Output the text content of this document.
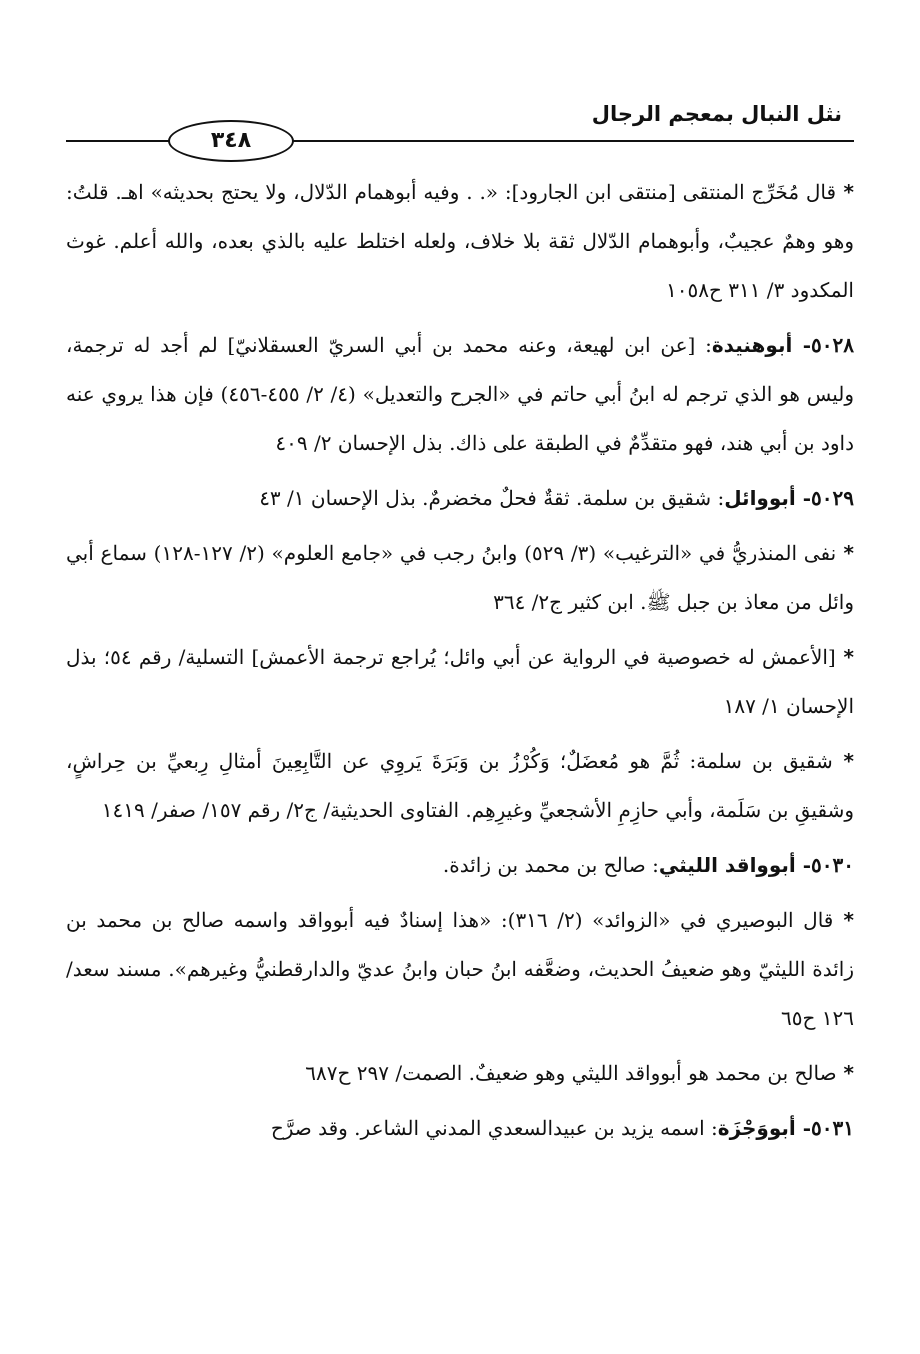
نثل النبال بمعجم الرجال
٣٤٨

* قال مُخَرِّج المنتقى [منتقى ابن الجارود]: «. . وفيه أبوهمام الدّلال، ولا يحتج بحديثه» اهـ. قلتُ: وهو وهمٌ عجيبٌ، وأبوهمام الدّلال ثقة بلا خلاف، ولعله اختلط عليه بالذي بعده، والله أعلم. غوث المكدود ٣/ ٣١١ ح١٠٥٨

٥٠٢٨- أبوهنيدة: [عن ابن لهيعة، وعنه محمد بن أبي السريّ العسقلانيّ] لم أجد له ترجمة، وليس هو الذي ترجم له ابنُ أبي حاتم في «الجرح والتعديل» (٤/ ٢/ ٤٥٥-٤٥٦) فإن هذا يروي عنه داود بن أبي هند، فهو متقدِّمٌ في الطبقة على ذاك. بذل الإحسان ٢/ ٤٠٩

٥٠٢٩- أبووائل: شقيق بن سلمة. ثقةٌ فحلٌ مخضرمٌ. بذل الإحسان ١/ ٤٣

* نفى المنذريُّ في «الترغيب» (٣/ ٥٢٩) وابنُ رجب في «جامع العلوم» (٢/ ١٢٧-١٢٨) سماع أبي وائل من معاذ بن جبل ﷺ. ابن كثير ج٢/ ٣٦٤

* [الأعمش له خصوصية في الرواية عن أبي وائل؛ يُراجع ترجمة الأعمش] التسلية/ رقم ٥٤؛ بذل الإحسان ١/ ١٨٧

* شقيق بن سلمة: ثُمَّ هو مُعضَلٌ؛ وَكُرْزُ بن وَبَرَةَ يَروِي عن التَّابِعِينَ أمثالِ رِبعيِّ بن حِراشٍ، وشقيقِ بن سَلَمة، وأبي حازِمِ الأشجعيِّ وغيرِهِم. الفتاوى الحديثية/ ج٢/ رقم ١٥٧/ صفر/ ١٤١٩

٥٠٣٠- أبوواقد الليثي: صالح بن محمد بن زائدة.

* قال البوصيري في «الزوائد» (٢/ ٣١٦): «هذا إسنادٌ فيه أبوواقد واسمه صالح بن محمد بن زائدة الليثيّ وهو ضعيفُ الحديث، وضعَّفه ابنُ حبان وابنُ عديّ والدارقطنيُّ وغيرهم». مسند سعد/ ١٢٦ ح٦٥

* صالح بن محمد هو أبوواقد الليثي وهو ضعيفٌ. الصمت/ ٢٩٧ ح٦٨٧

٥٠٣١- أبووَجْزَة: اسمه يزيد بن عبيدالسعدي المدني الشاعر. وقد صرَّح
